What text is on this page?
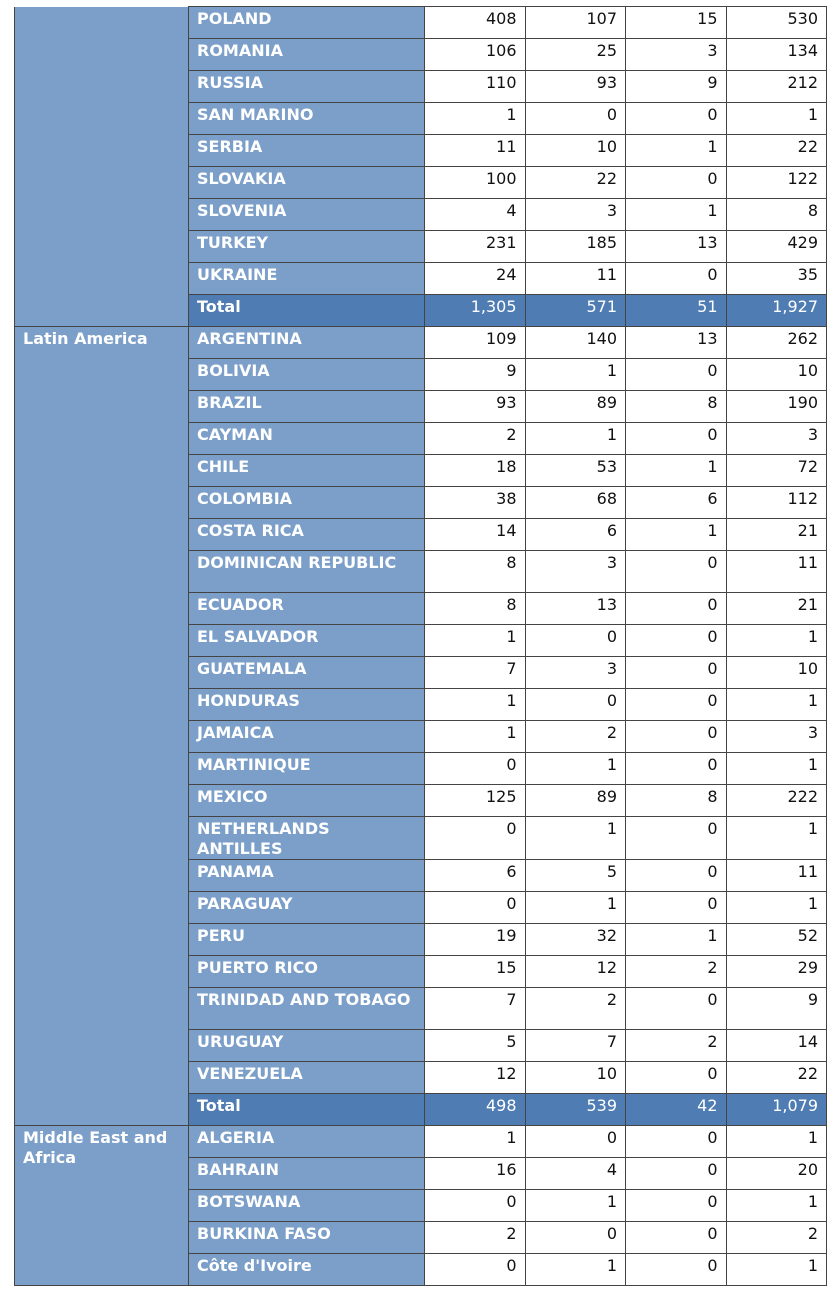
	POLAND	408	107	15	530
	ROMANIA	106	25	3	134
	RUSSIA	110	93	9	212
	SAN MARINO	1	0	0	1
	SERBIA	11	10	1	22
	SLOVAKIA	100	22	0	122
	SLOVENIA	4	3	1	8
	TURKEY	231	185	13	429
	UKRAINE	24	11	0	35
	Total	1,305	571	51	1,927
Latin America	ARGENTINA	109	140	13	262
	BOLIVIA	9	1	0	10
	BRAZIL	93	89	8	190
	CAYMAN	2	1	0	3
	CHILE	18	53	1	72
	COLOMBIA	38	68	6	112
	COSTA RICA	14	6	1	21
	DOMINICAN REPUBLIC	8	3	0	11
	ECUADOR	8	13	0	21
	EL SALVADOR	1	0	0	1
	GUATEMALA	7	3	0	10
	HONDURAS	1	0	0	1
	JAMAICA	1	2	0	3
	MARTINIQUE	0	1	0	1
	MEXICO	125	89	8	222
	NETHERLANDS ANTILLES	0	1	0	1
	PANAMA	6	5	0	11
	PARAGUAY	0	1	0	1
	PERU	19	32	1	52
	PUERTO RICO	15	12	2	29
	TRINIDAD AND TOBAGO	7	2	0	9
	URUGUAY	5	7	2	14
	VENEZUELA	12	10	0	22
	Total	498	539	42	1,079
Middle East and Africa	ALGERIA	1	0	0	1
	BAHRAIN	16	4	0	20
	BOTSWANA	0	1	0	1
	BURKINA FASO	2	0	0	2
	Côte d'Ivoire	0	1	0	1
